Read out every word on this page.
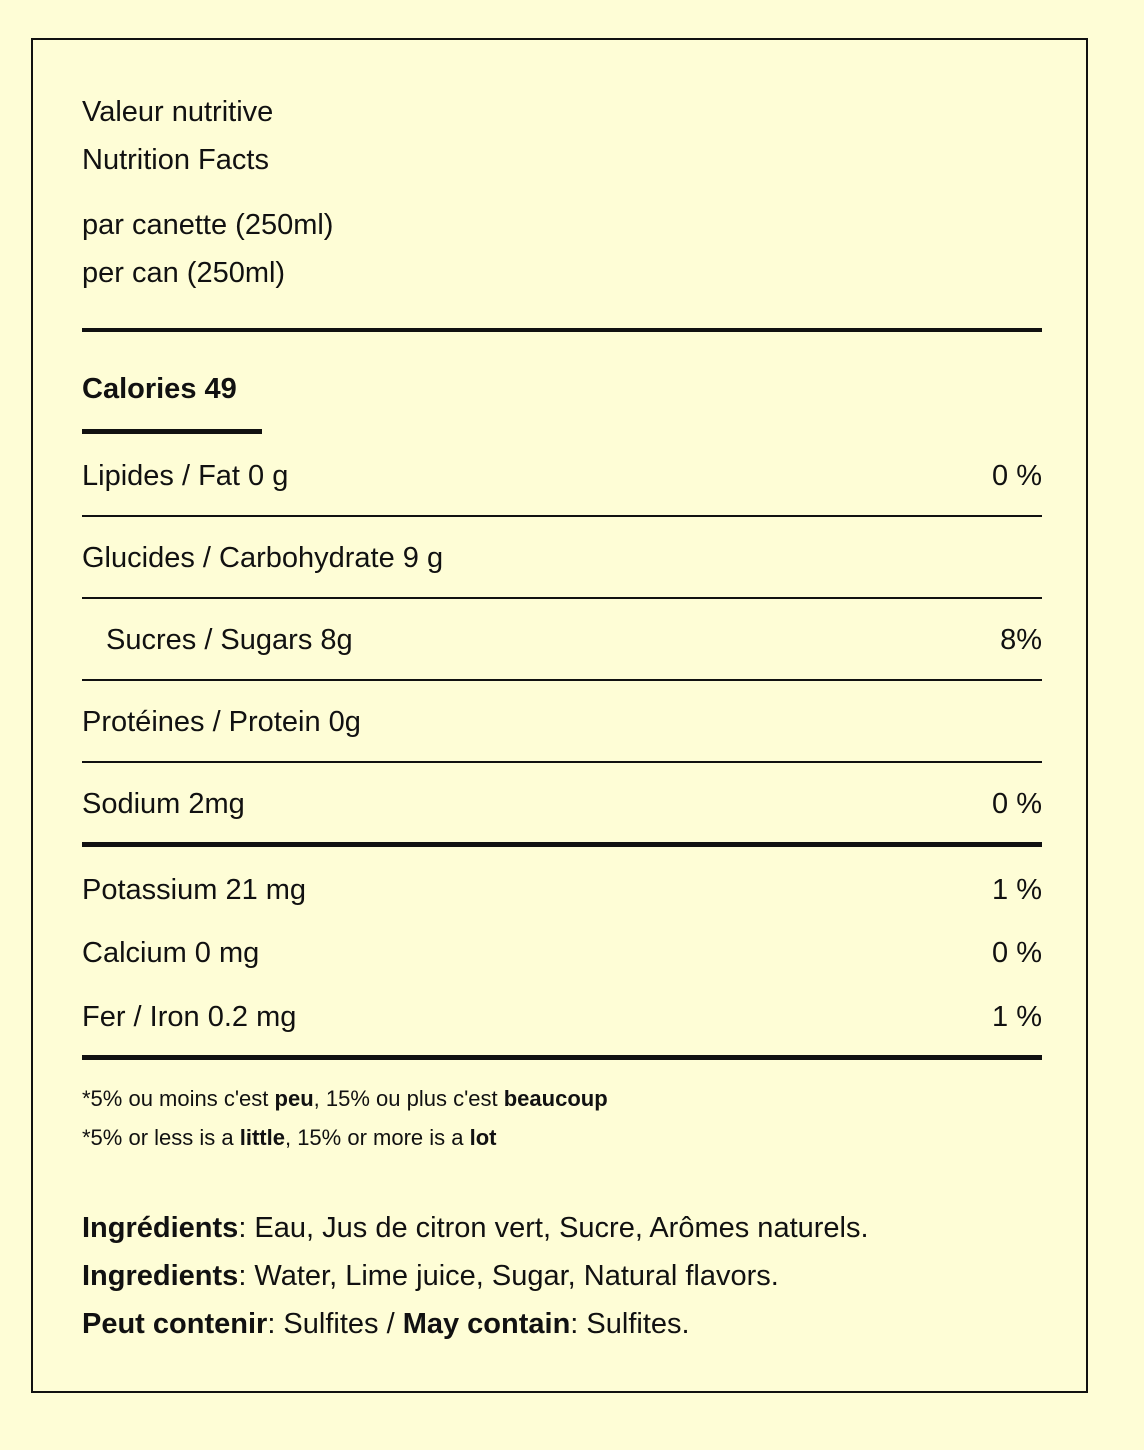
Valeur nutritive
Nutrition Facts
par canette (250ml)
per can (250ml)
Calories 49
Lipides / Fat 0 g	0 %
Glucides / Carbohydrate 9 g
Sucres / Sugars 8g	8%
Protéines / Protein 0g
Sodium 2mg	0 %
Potassium 21 mg	1 %
Calcium 0 mg	0 %
Fer / Iron 0.2 mg	1 %
*5% ou moins c'est peu, 15% ou plus c'est beaucoup
*5% or less is a little, 15% or more is a lot
Ingrédients: Eau, Jus de citron vert, Sucre, Arômes naturels.
Ingredients: Water, Lime juice, Sugar, Natural flavors.
Peut contenir: Sulfites / May contain: Sulfites.
